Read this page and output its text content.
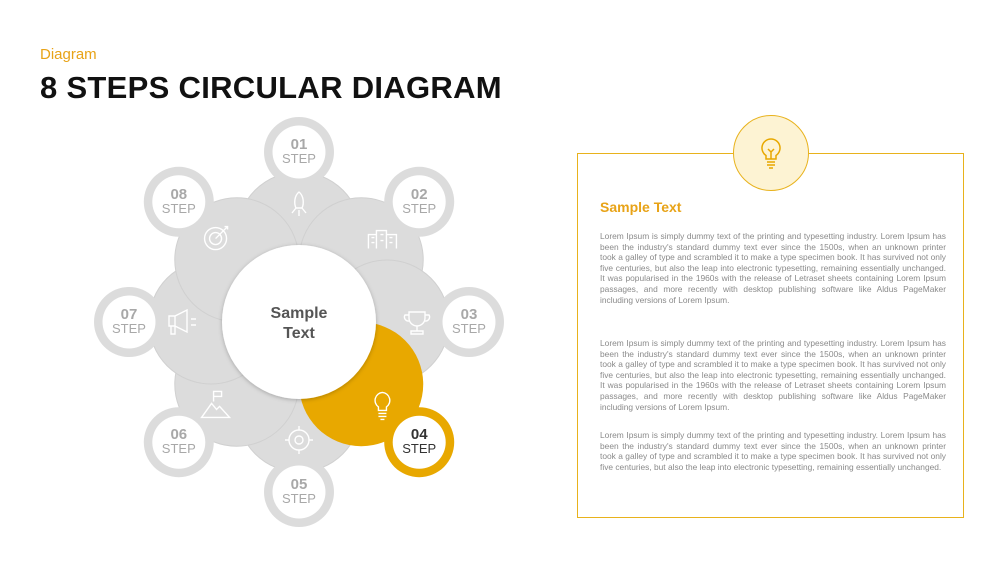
Diagram
8 STEPS CIRCULAR DIAGRAM
01
STEP
02
STEP
03
STEP
05
STEP
06
STEP
07
STEP
08
STEP
04
STEP
Sample
Text
Sample Text
Lorem Ipsum is simply dummy text of the printing and typesetting industry. Lorem Ipsum has been the industry's standard dummy text ever since the 1500s, when an unknown printer took a galley of type and scrambled it to make a type specimen book. It has survived not only five centuries, but also the leap into electronic typesetting, remaining essentially unchanged. It was popularised in the 1960s with the release of Letraset sheets containing Lorem Ipsum passages, and more recently with desktop publishing software like Aldus PageMaker including versions of Lorem Ipsum.
Lorem Ipsum is simply dummy text of the printing and typesetting industry. Lorem Ipsum has been the industry's standard dummy text ever since the 1500s, when an unknown printer took a galley of type and scrambled it to make a type specimen book. It has survived not only five centuries, but also the leap into electronic typesetting, remaining essentially unchanged. It was popularised in the 1960s with the release of Letraset sheets containing Lorem Ipsum passages, and more recently with desktop publishing software like Aldus PageMaker including versions of Lorem Ipsum.
Lorem Ipsum is simply dummy text of the printing and typesetting industry. Lorem Ipsum has been the industry's standard dummy text ever since the 1500s, when an unknown printer took a galley of type and scrambled it to make a type specimen book. It has survived not only five centuries, but also the leap into electronic typesetting, remaining essentially unchanged.
